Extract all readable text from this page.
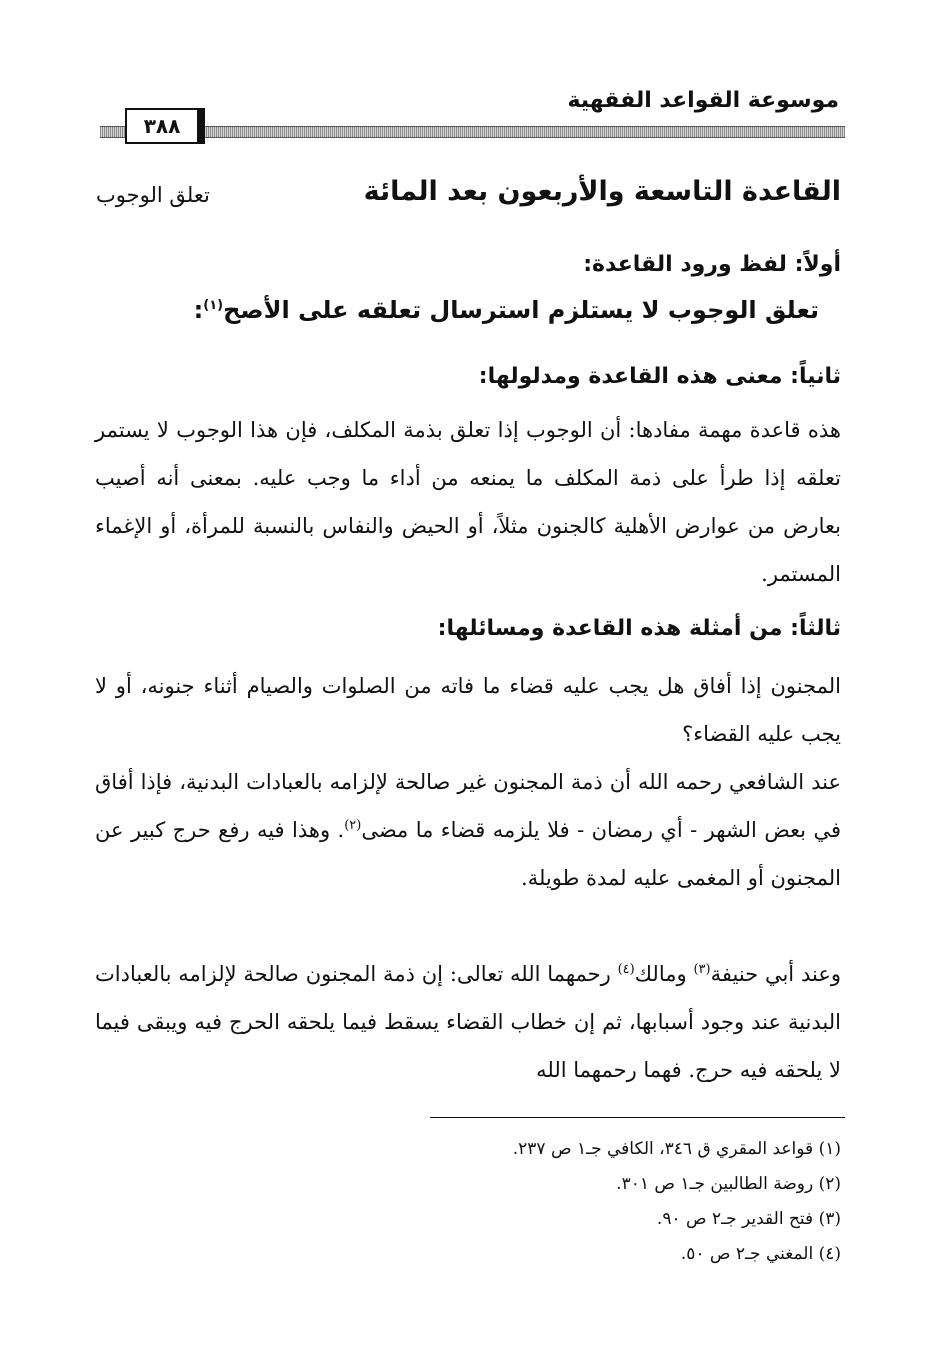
موسوعة القواعد الفقهية
٣٨٨
القاعدة التاسعة والأربعون بعد المائة
تعلق الوجوب
أولاً: لفظ ورود القاعدة:
تعلق الوجوب لا يستلزم استرسال تعلقه على الأصح$^{(١)}$:
ثانياً: معنى هذه القاعدة ومدلولها:

هذه قاعدة مهمة مفادها: أن الوجوب إذا تعلق بذمة المكلف، فإن هذا الوجوب لا يستمر تعلقه إذا طرأ على ذمة المكلف ما يمنعه من أداء ما وجب عليه. بمعنى أنه أصيب بعارض من عوارض الأهلية كالجنون مثلاً، أو الحيض والنفاس بالنسبة للمرأة، أو الإغماء المستمر.

ثالثاً: من أمثلة هذه القاعدة ومسائلها:

المجنون إذا أفاق هل يجب عليه قضاء ما فاته من الصلوات والصيام أثناء جنونه، أو لا يجب عليه القضاء؟

عند الشافعي رحمه الله أن ذمة المجنون غير صالحة لإلزامه بالعبادات البدنية، فإذا أفاق في بعض الشهر - أي رمضان - فلا يلزمه قضاء ما مضى$^{(٢)}$. وهذا فيه رفع حرج كبير عن المجنون أو المغمى عليه لمدة طويلة.

وعند أبي حنيفة$^{(٣)}$ ومالك$^{(٤)}$ رحمهما الله تعالى: إن ذمة المجنون صالحة لإلزامه بالعبادات البدنية عند وجود أسبابها، ثم إن خطاب القضاء يسقط فيما يلحقه الحرج فيه ويبقى فيما لا يلحقه فيه حرج. فهما رحمهما الله

(١) قواعد المقري ق ٣٤٦، الكافي جـ١ ص ٢٣٧.
(٢) روضة الطالبين جـ١ ص ٣٠١.
(٣) فتح القدير جـ٢ ص ٩٠.
(٤) المغني جـ٢ ص ٥٠.
